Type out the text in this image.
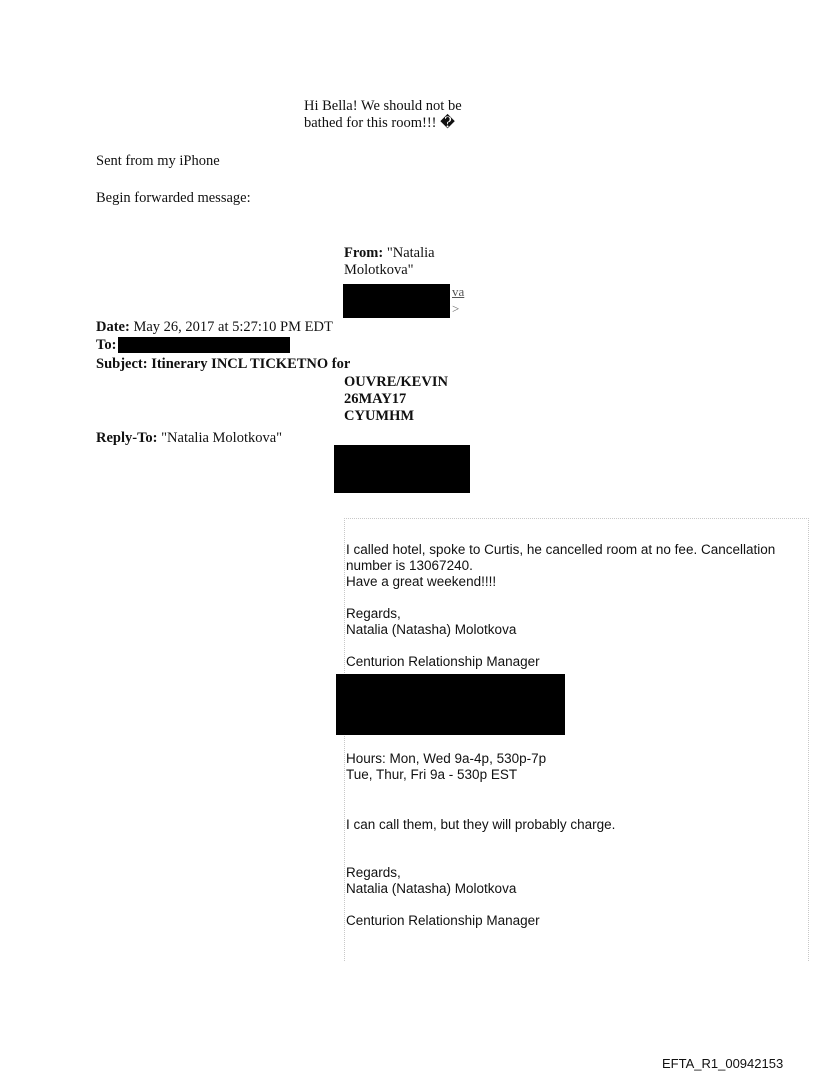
Hi Bella! We should not be
bathed for this room!!! �
Sent from my iPhone
Begin forwarded message:
From: "Natalia
Molotkova"
va
>
Date: May 26, 2017 at 5:27:10 PM EDT
To:
Subject: Itinerary INCL TICKETNO for
OUVRE/KEVIN
26MAY17
CYUMHM
Reply-To: "Natalia Molotkova"
I called hotel, spoke to Curtis, he cancelled room at no fee. Cancellation
number is 13067240.
Have a great weekend!!!!
Regards,
Natalia (Natasha) Molotkova
Centurion Relationship Manager
Hours: Mon, Wed 9a-4p, 530p-7p
Tue, Thur, Fri 9a - 530p EST
I can call them, but they will probably charge.
Regards,
Natalia (Natasha) Molotkova
Centurion Relationship Manager
EFTA_R1_00942153
